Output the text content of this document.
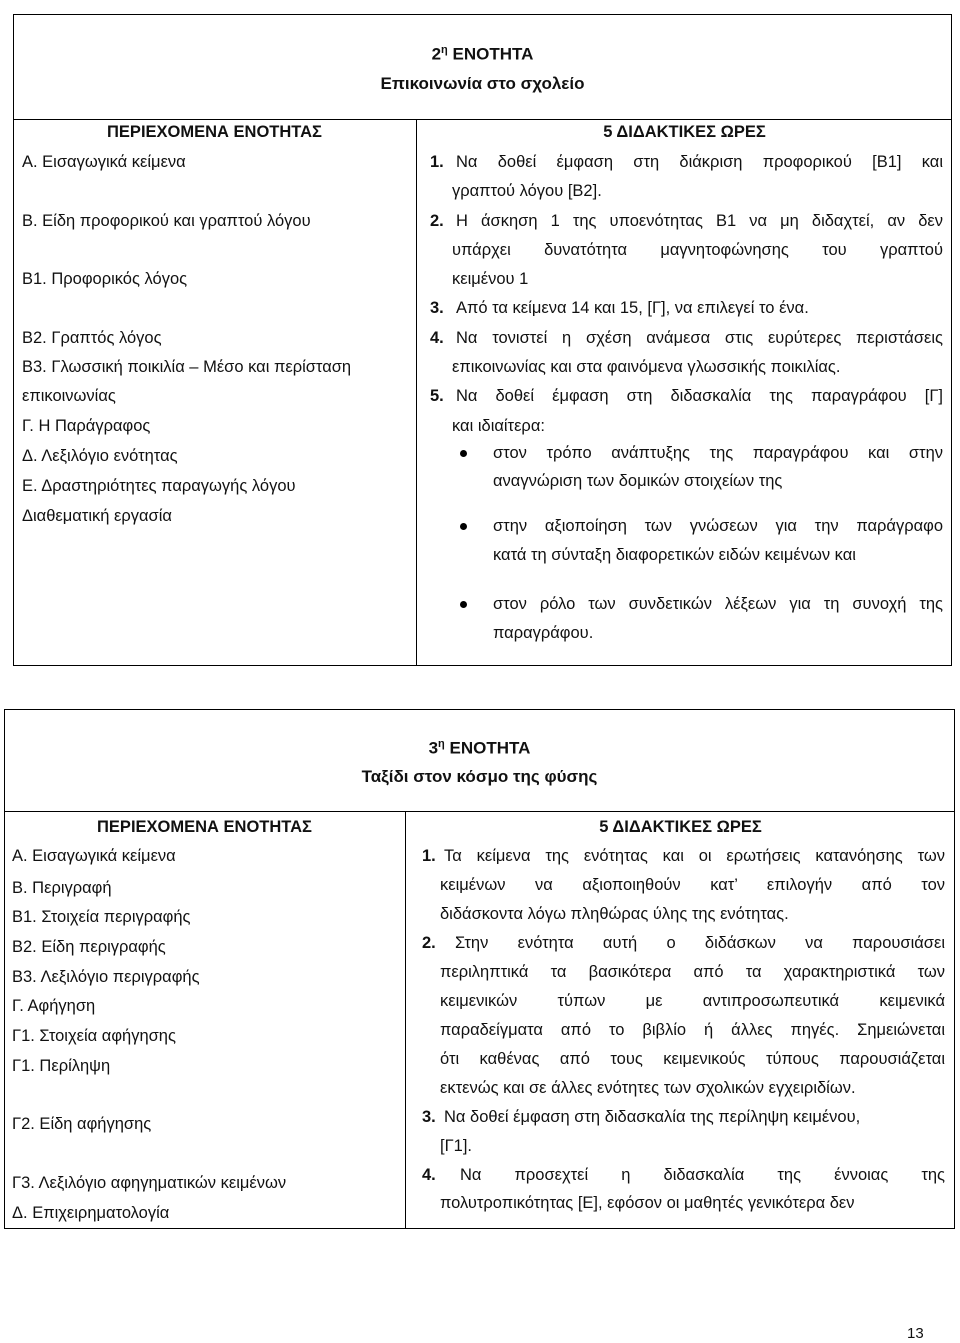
$2^\eta$ ΕΝΟΤΗΤΑ
Επικοινωνία στο σχολείο
ΠΕΡΙΕΧΟΜΕΝΑ ΕΝΟΤΗΤΑΣ	5 ΔΙΔΑΚΤΙΚΕΣ ΩΡΕΣ
Α. Εισαγωγικά κείμενα
Β. Είδη προφορικού και γραπτού λόγου
Β1. Προφορικός λόγος
Β2. Γραπτός λόγος
Β3. Γλωσσική ποικιλία – Μέσο και περίσταση
επικοινωνίας
Γ. Η Παράγραφος
Δ. Λεξιλόγιο ενότητας
Ε. Δραστηριότητες παραγωγής λόγου
Διαθεματική εργασία
1. Να δοθεί έμφαση στη διάκριση προφορικού [Β1] και
γραπτού λόγου [Β2].
2. Η άσκηση 1 της υποενότητας Β1 να μη διδαχτεί, αν δεν
υπάρχει δυνατότητα μαγνητοφώνησης του γραπτού
κειμένου 1
3. Από τα κείμενα 14 και 15, [Γ], να επιλεγεί το ένα.
4. Να τονιστεί η σχέση ανάμεσα στις ευρύτερες περιστάσεις
επικοινωνίας και στα φαινόμενα γλωσσικής ποικιλίας.
5. Να δοθεί έμφαση στη διδασκαλία της παραγράφου [Γ]
και ιδιαίτερα:
στον τρόπο ανάπτυξης της παραγράφου και στην
αναγνώριση των δομικών στοιχείων της
στην αξιοποίηση των γνώσεων για την παράγραφο
κατά τη σύνταξη διαφορετικών ειδών κειμένων και
στον ρόλο των συνδετικών λέξεων για τη συνοχή της
παραγράφου.
$3^\eta$ ΕΝΟΤΗΤΑ
Ταξίδι στον κόσμο της φύσης
ΠΕΡΙΕΧΟΜΕΝΑ ΕΝΟΤΗΤΑΣ	5 ΔΙΔΑΚΤΙΚΕΣ ΩΡΕΣ
Α. Εισαγωγικά κείμενα
Β. Περιγραφή
Β1. Στοιχεία περιγραφής
Β2. Είδη περιγραφής
Β3. Λεξιλόγιο περιγραφής
Γ. Αφήγηση
Γ1. Στοιχεία αφήγησης
Γ1. Περίληψη
Γ2. Είδη αφήγησης
Γ3. Λεξιλόγιο αφηγηματικών κειμένων
Δ. Επιχειρηματολογία
1. Τα κείμενα της ενότητας και οι ερωτήσεις κατανόησης των
κειμένων να αξιοποιηθούν κατ’ επιλογήν από τον
διδάσκοντα λόγω πληθώρας ύλης της ενότητας.
2. Στην ενότητα αυτή ο διδάσκων να παρουσιάσει
περιληπτικά τα βασικότερα από τα χαρακτηριστικά των
κειμενικών τύπων με αντιπροσωπευτικά κειμενικά
παραδείγματα από το βιβλίο ή άλλες πηγές. Σημειώνεται
ότι καθένας από τους κειμενικούς τύπους παρουσιάζεται
εκτενώς και σε άλλες ενότητες των σχολικών εγχειριδίων.
3. Να δοθεί έμφαση στη διδασκαλία της περίληψη κειμένου,
[Γ1].
4. Να προσεχτεί η διδασκαλία της έννοιας της
πολυτροπικότητας [Ε], εφόσον οι μαθητές γενικότερα δεν
13
